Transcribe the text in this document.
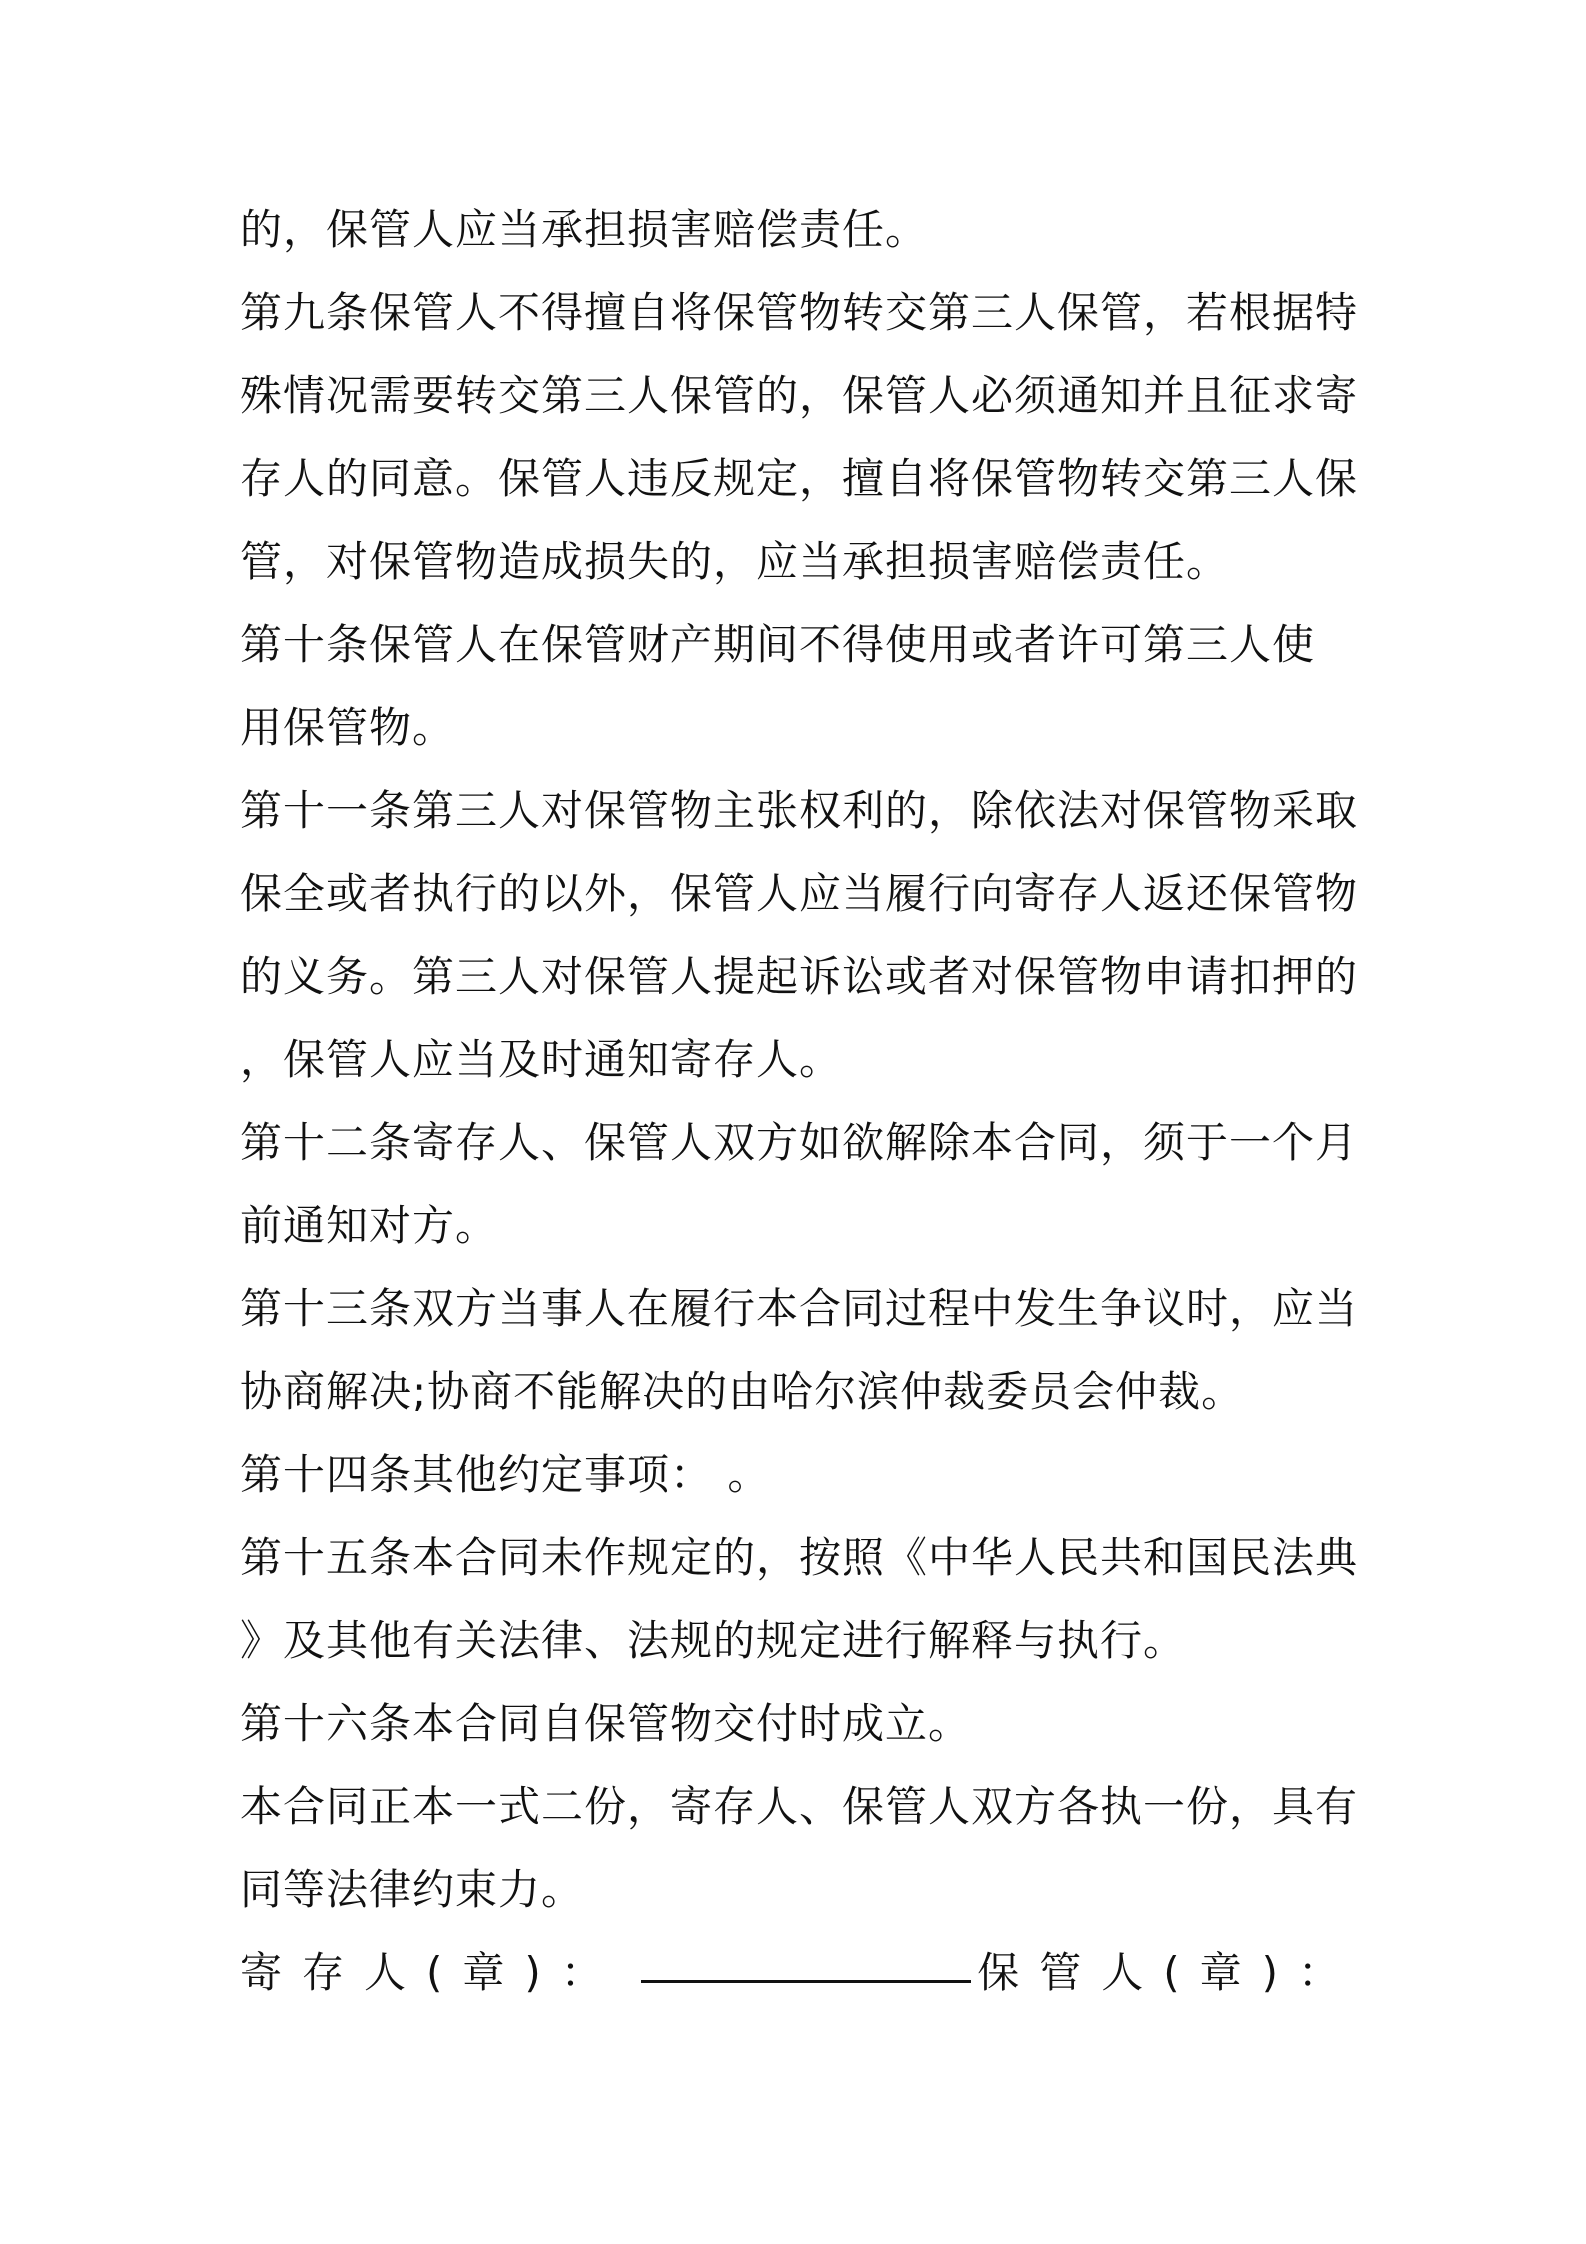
的，保管人应当承担损害赔偿责任。
第九条保管人不得擅自将保管物转交第三人保管，若根据特
殊情况需要转交第三人保管的，保管人必须通知并且征求寄
存人的同意。保管人违反规定，擅自将保管物转交第三人保
管，对保管物造成损失的，应当承担损害赔偿责任。
第十条保管人在保管财产期间不得使用或者许可第三人使
用保管物。
第十一条第三人对保管物主张权利的，除依法对保管物采取
保全或者执行的以外，保管人应当履行向寄存人返还保管物
的义务。第三人对保管人提起诉讼或者对保管物申请扣押的
，保管人应当及时通知寄存人。
第十二条寄存人、保管人双方如欲解除本合同，须于一个月
前通知对方。
第十三条双方当事人在履行本合同过程中发生争议时，应当
协商解决;协商不能解决的由哈尔滨仲裁委员会仲裁。
第十四条其他约定事项： 。
第十五条本合同未作规定的，按照《中华人民共和国民法典
》及其他有关法律、法规的规定进行解释与执行。
第十六条本合同自保管物交付时成立。
本合同正本一式二份，寄存人、保管人双方各执一份，具有
同等法律约束力。
寄存人(章)：	保管人(章)：
